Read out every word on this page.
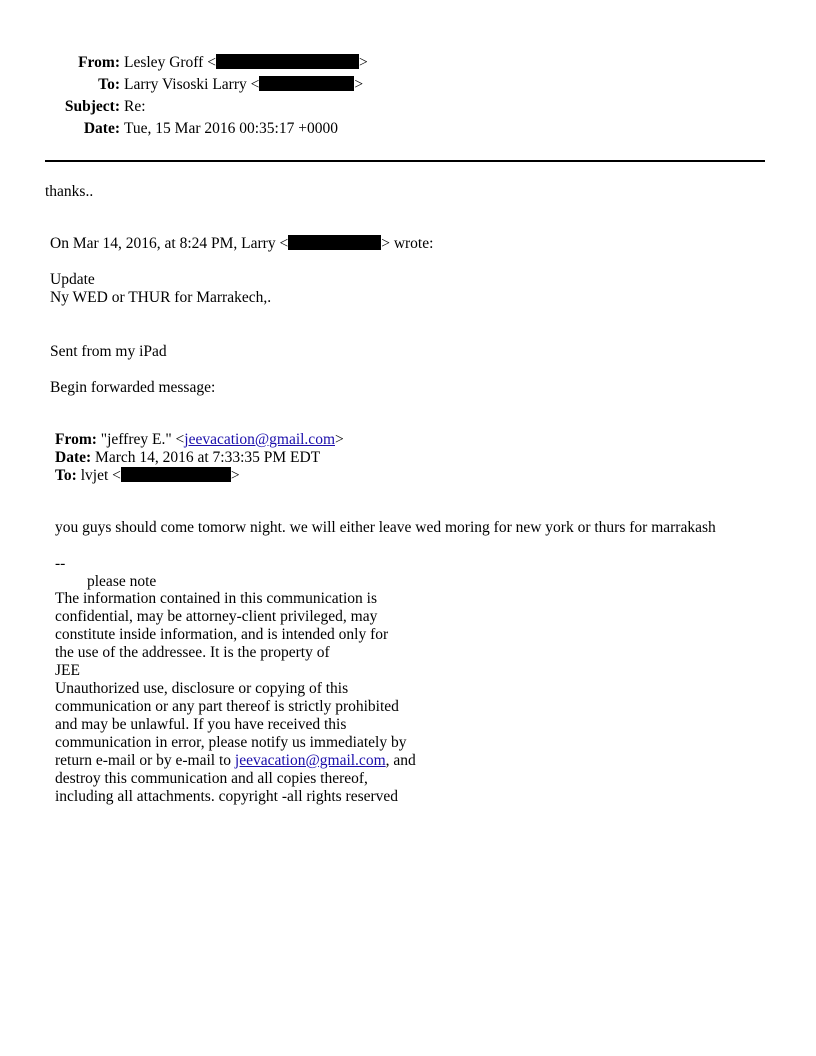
From: Lesley Groff <	>
To: Larry Visoski Larry <	>
Subject: Re:
Date: Tue, 15 Mar 2016 00:35:17 +0000
thanks..
On Mar 14, 2016, at 8:24 PM, Larry <	> wrote:
Update
Ny WED or THUR for Marrakech,.
Sent from my iPad
Begin forwarded message:
From: "jeffrey E." <jeevacation@gmail.com>
Date: March 14, 2016 at 7:33:35 PM EDT
To: lvjet <	>
you guys should come tomorw night. we will either leave wed moring for new york or thurs for marrakash
--
please note
The information contained in this communication is
confidential, may be attorney-client privileged, may
constitute inside information, and is intended only for
the use of the addressee. It is the property of
JEE
Unauthorized use, disclosure or copying of this
communication or any part thereof is strictly prohibited
and may be unlawful. If you have received this
communication in error, please notify us immediately by
return e-mail or by e-mail to jeevacation@gmail.com, and
destroy this communication and all copies thereof,
including all attachments. copyright -all rights reserved
